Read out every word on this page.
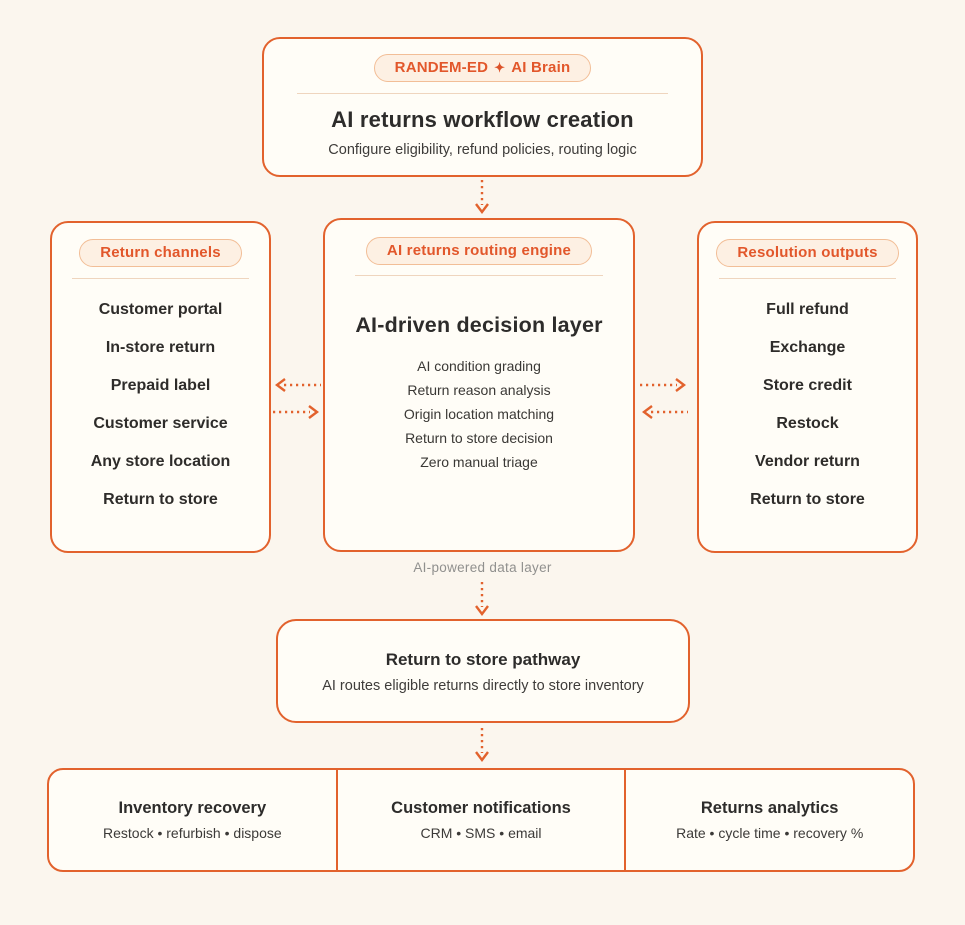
RANDEM-ED ✦ AI Brain
AI returns workflow creation
Configure eligibility, refund policies, routing logic
Return channels
Customer portal
In-store return
Prepaid label
Customer service
Any store location
Return to store
AI returns routing engine
AI-driven decision layer
AI condition grading
Return reason analysis
Origin location matching
Return to store decision
Zero manual triage
Resolution outputs
Full refund
Exchange
Store credit
Restock
Vendor return
Return to store
AI-powered data layer
Return to store pathway
AI routes eligible returns directly to store inventory
Inventory recovery
Restock • refurbish • dispose
Customer notifications
CRM • SMS • email
Returns analytics
Rate • cycle time • recovery %
